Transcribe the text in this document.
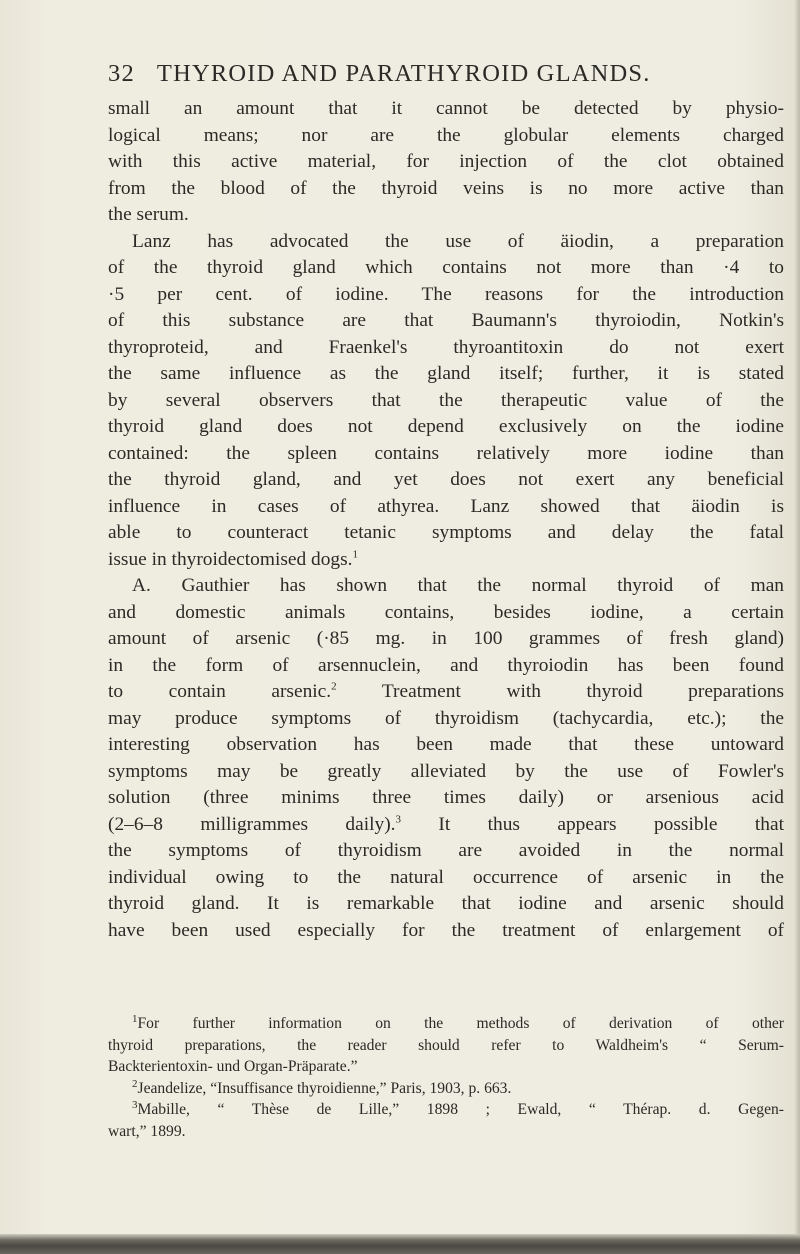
32 THYROID AND PARATHYROID GLANDS.
small an amount that it cannot be detected by physio-
logical means; nor are the globular elements charged
with this active material, for injection of the clot obtained
from the blood of the thyroid veins is no more active than
the serum.
Lanz has advocated the use of äiodin, a preparation
of the thyroid gland which contains not more than ·4 to
·5 per cent. of iodine. The reasons for the introduction
of this substance are that Baumann's thyroiodin, Notkin's
thyroproteid, and Fraenkel's thyroantitoxin do not exert
the same influence as the gland itself; further, it is stated
by several observers that the therapeutic value of the
thyroid gland does not depend exclusively on the iodine
contained: the spleen contains relatively more iodine than
the thyroid gland, and yet does not exert any beneficial
influence in cases of athyrea. Lanz showed that äiodin is
able to counteract tetanic symptoms and delay the fatal
issue in thyroidectomised dogs.$^1$
A. Gauthier has shown that the normal thyroid of man
and domestic animals contains, besides iodine, a certain
amount of arsenic (·85 mg. in 100 grammes of fresh gland)
in the form of arsennuclein, and thyroiodin has been found
to contain arsenic.$^2$ Treatment with thyroid preparations
may produce symptoms of thyroidism (tachycardia, etc.); the
interesting observation has been made that these untoward
symptoms may be greatly alleviated by the use of Fowler's
solution (three minims three times daily) or arsenious acid
(2–6–8 milligrammes daily).$^3$ It thus appears possible that
the symptoms of thyroidism are avoided in the normal
individual owing to the natural occurrence of arsenic in the
thyroid gland. It is remarkable that iodine and arsenic should
have been used especially for the treatment of enlargement of
$^1$For further information on the methods of derivation of other
thyroid preparations, the reader should refer to Waldheim's “ Serum-
Backterientoxin- und Organ-Präparate.”
$^2$Jeandelize, “Insuffisance thyroidienne,” Paris, 1903, p. 663.
$^3$Mabille, “ Thèse de Lille,” 1898 ; Ewald, “ Thérap. d. Gegen-
wart,” 1899.
